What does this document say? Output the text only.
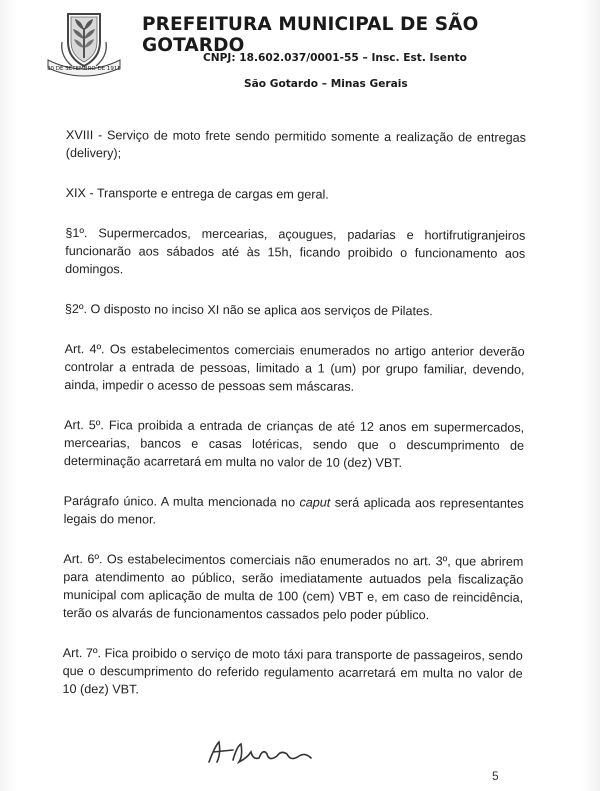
30 DE SETEMBRO DE 1915
PREFEITURA MUNICIPAL DE SÃO GOTARDO
CNPJ: 18.602.037/0001-55 – Insc. Est. Isento
São Gotardo – Minas Gerais

XVIII - Serviço de moto frete sendo permitido somente a realização de entregas (delivery);

XIX - Transporte e entrega de cargas em geral.

§1º. Supermercados, mercearias, açougues, padarias e hortifrutigranjeiros funcionarão aos sábados até às 15h, ficando proibido o funcionamento aos domingos.

§2º. O disposto no inciso XI não se aplica aos serviços de Pilates.

Art. 4º. Os estabelecimentos comerciais enumerados no artigo anterior deverão controlar a entrada de pessoas, limitado a 1 (um) por grupo familiar, devendo, ainda, impedir o acesso de pessoas sem máscaras.

Art. 5º. Fica proibida a entrada de crianças de até 12 anos em supermercados, mercearias, bancos e casas lotéricas, sendo que o descumprimento de determinação acarretará em multa no valor de 10 (dez) VBT.

Parágrafo único. A multa mencionada no caput será aplicada aos representantes legais do menor.

Art. 6º. Os estabelecimentos comerciais não enumerados no art. 3º, que abrirem para atendimento ao público, serão imediatamente autuados pela fiscalização municipal com aplicação de multa de 100 (cem) VBT e, em caso de reincidência, terão os alvarás de funcionamentos cassados pelo poder público.

Art. 7º. Fica proibido o serviço de moto táxi para transporte de passageiros, sendo que o descumprimento do referido regulamento acarretará em multa no valor de 10 (dez) VBT.

5
